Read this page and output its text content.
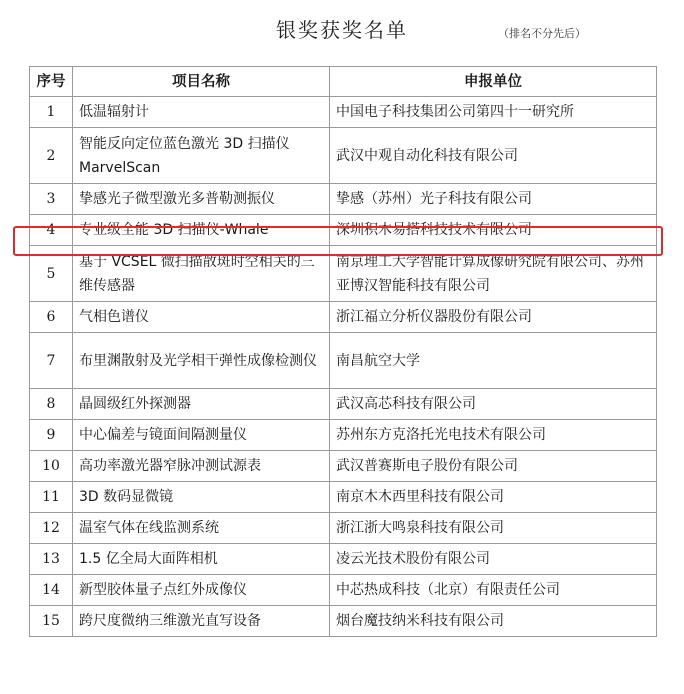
银奖获奖名单	（排名不分先后）
序号	项目名称	申报单位
1	低温辐射计	中国电子科技集团公司第四十一研究所
2	智能反向定位蓝色激光 3D 扫描仪 MarvelScan	武汉中观自动化科技有限公司
3	挚感光子微型激光多普勒测振仪	挚感（苏州）光子科技有限公司
4	专业级全能 3D 扫描仪-Whale	深圳积木易搭科技技术有限公司
5	基于 VCSEL 微扫描散斑时空相关的三维传感器	南京理工大学智能计算成像研究院有限公司、苏州亚博汉智能科技有限公司
6	气相色谱仪	浙江福立分析仪器股份有限公司
7	布里渊散射及光学相干弹性成像检测仪	南昌航空大学
8	晶圆级红外探测器	武汉高芯科技有限公司
9	中心偏差与镜面间隔测量仪	苏州东方克洛托光电技术有限公司
10	高功率激光器窄脉冲测试源表	武汉普赛斯电子股份有限公司
11	3D 数码显微镜	南京木木西里科技有限公司
12	温室气体在线监测系统	浙江浙大鸣泉科技有限公司
13	1.5 亿全局大面阵相机	凌云光技术股份有限公司
14	新型胶体量子点红外成像仪	中芯热成科技（北京）有限责任公司
15	跨尺度微纳三维激光直写设备	烟台魔技纳米科技有限公司
